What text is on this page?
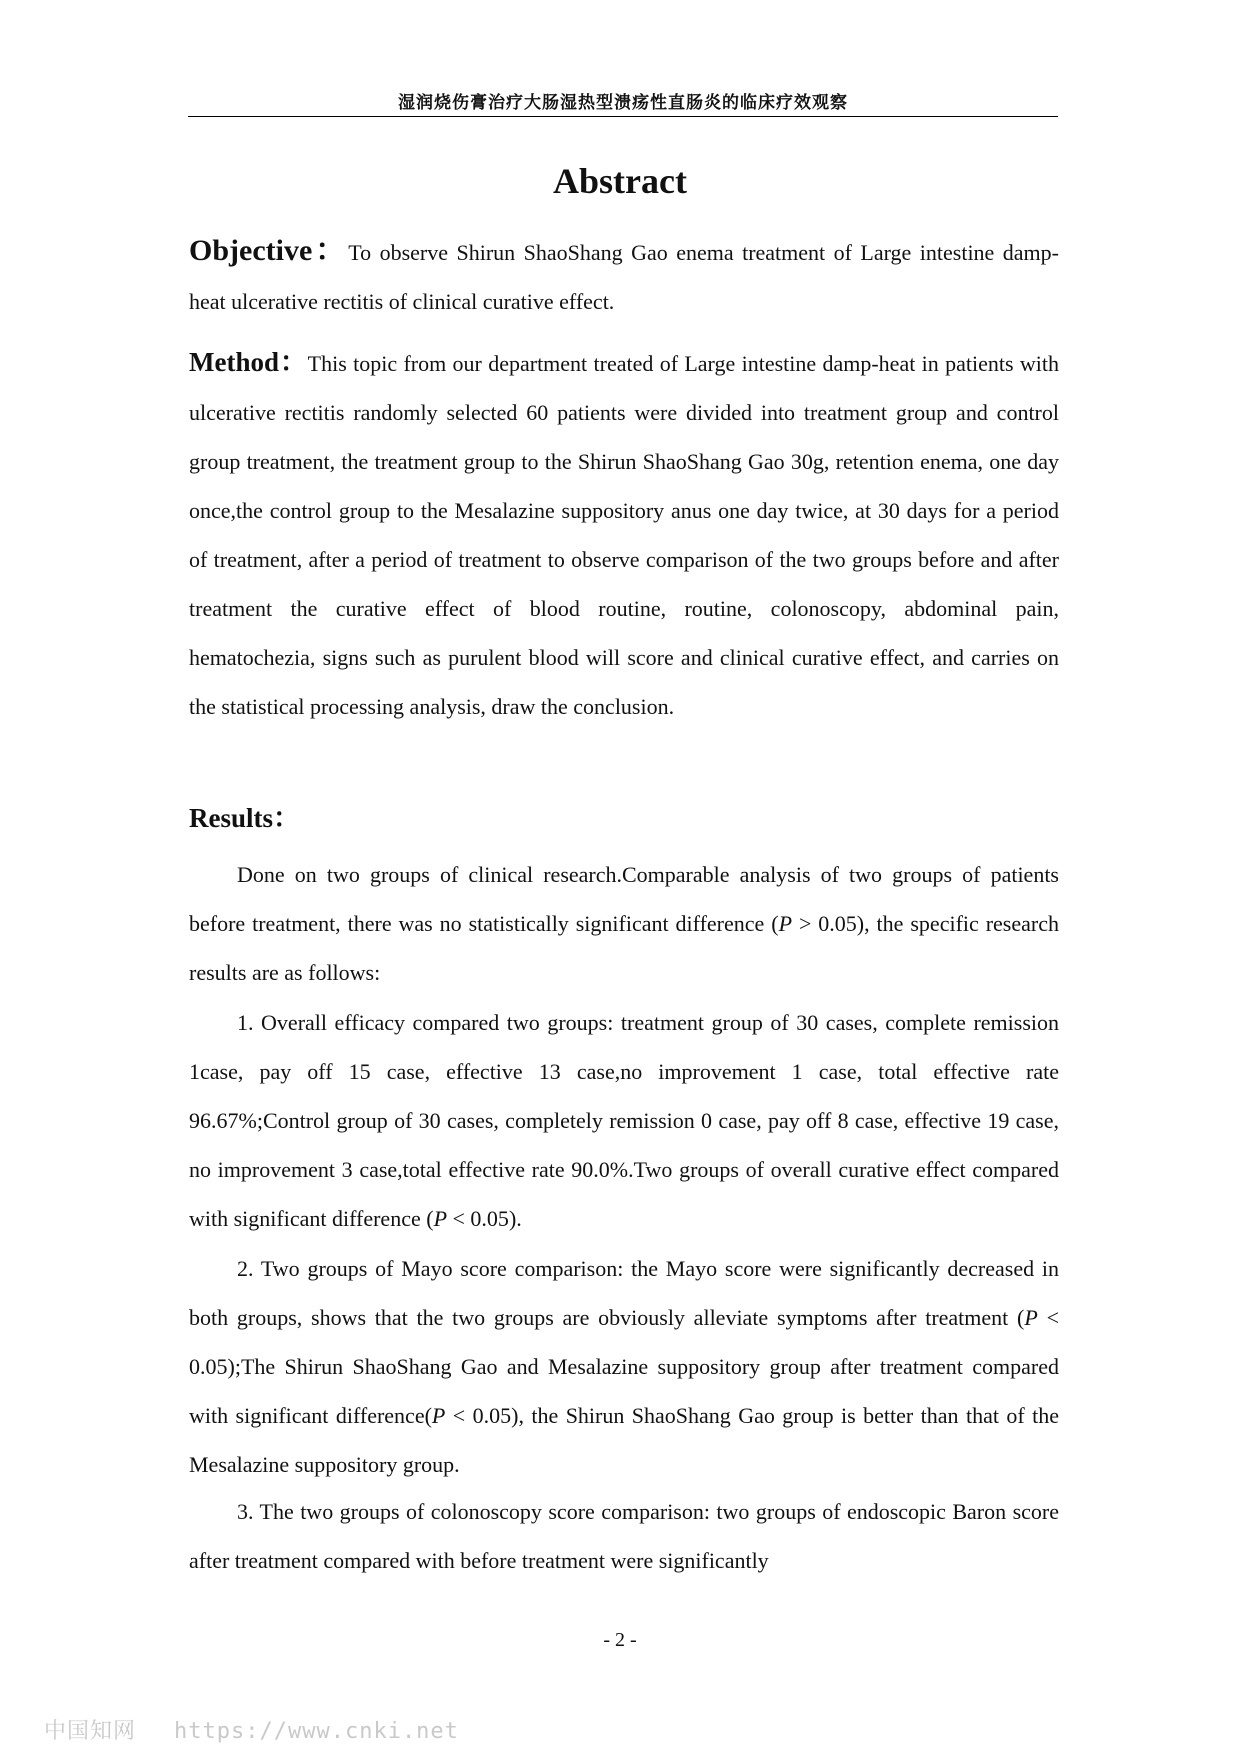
湿润烧伤膏治疗大肠湿热型溃疡性直肠炎的临床疗效观察
Abstract
Objective：To observe Shirun ShaoShang Gao enema treatment of Large intestine damp-heat ulcerative rectitis of clinical curative effect.
Method：This topic from our department treated of Large intestine damp-heat in patients with ulcerative rectitis randomly selected 60 patients were divided into treatment group and control group treatment, the treatment group to the Shirun ShaoShang Gao 30g, retention enema, one day once,the control group to the Mesalazine suppository anus one day twice, at 30 days for a period of treatment, after a period of treatment to observe comparison of the two groups before and after treatment the curative effect of blood routine, routine, colonoscopy, abdominal pain, hematochezia, signs such as purulent blood will score and clinical curative effect, and carries on the statistical processing analysis, draw the conclusion.
Results：
Done on two groups of clinical research.Comparable analysis of two groups of patients before treatment, there was no statistically significant difference (P > 0.05), the specific research results are as follows:
1. Overall efficacy compared two groups: treatment group of 30 cases, complete remission 1case, pay off 15 case, effective 13 case,no improvement 1 case, total effective rate 96.67%;Control group of 30 cases, completely remission 0 case, pay off 8 case, effective 19 case, no improvement 3 case,total effective rate 90.0%.Two groups of overall curative effect compared with significant difference (P < 0.05).
2. Two groups of Mayo score comparison: the Mayo score were significantly decreased in both groups, shows that the two groups are obviously alleviate symptoms after treatment (P < 0.05);The Shirun ShaoShang Gao and Mesalazine suppository group after treatment compared with significant difference(P < 0.05), the Shirun ShaoShang Gao group is better than that of the Mesalazine suppository group.
3. The two groups of colonoscopy score comparison: two groups of endoscopic Baron score after treatment compared with before treatment were significantly
- 2 -
中国知网 https://www.cnki.net
